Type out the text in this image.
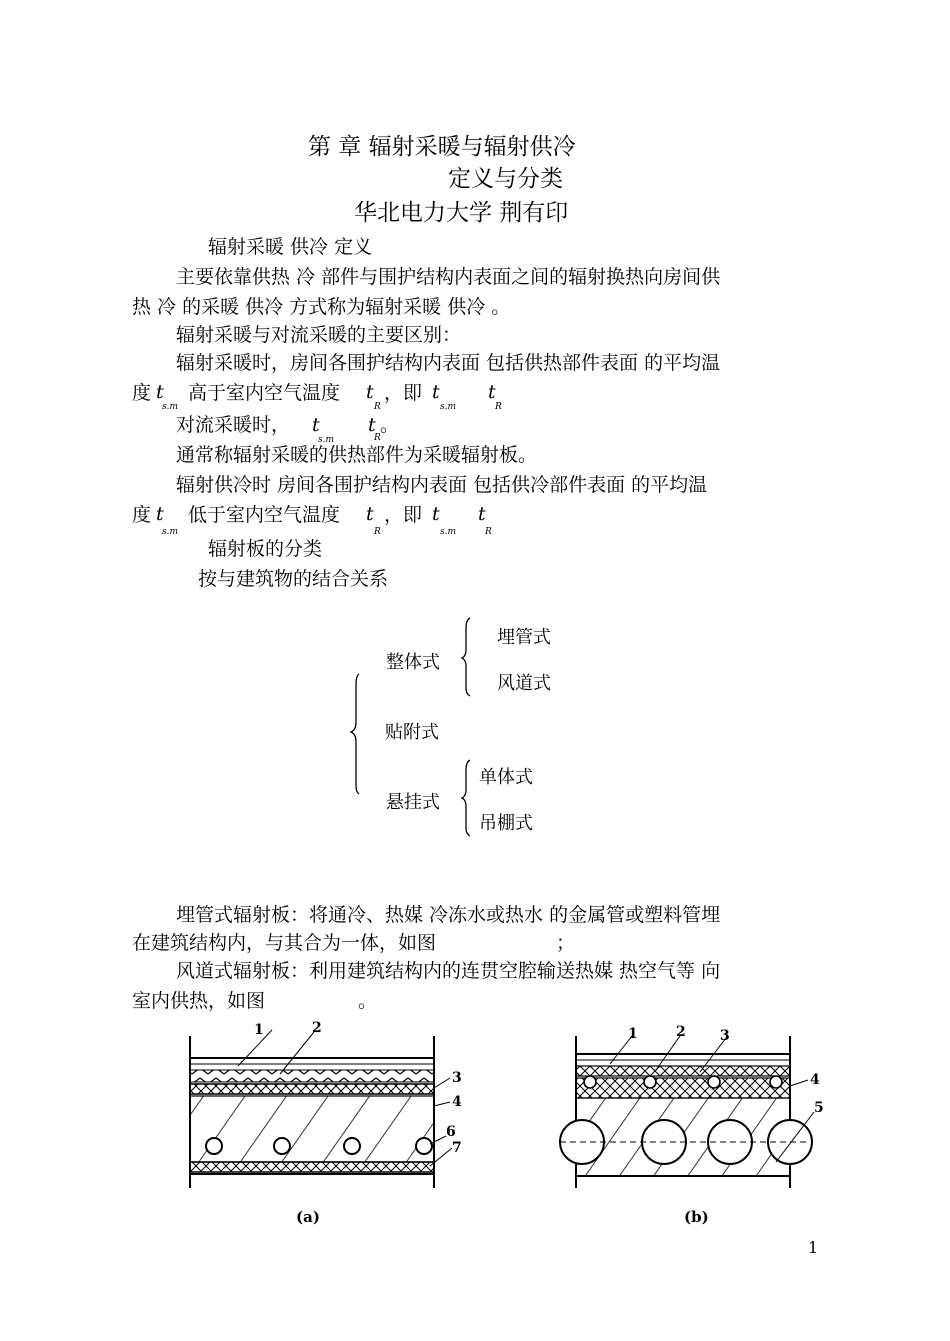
第 章 辐射采暖与辐射供冷
定义与分类
华北电力大学 荆有印
辐射采暖 供冷 定义
主要依靠供热 冷 部件与围护结构内表面之间的辐射换热向房间供
热 冷 的采暖 供冷 方式称为辐射采暖 供冷 。
辐射采暖与对流采暖的主要区别：
辐射采暖时，房间各围护结构内表面 包括供热部件表面 的平均温
度 t
s.m
高于室内空气温度 t
R
，即 t
s.m
t
R
对流采暖时， t
s.m
t
R
。
通常称辐射采暖的供热部件为采暖辐射板。
辐射供冷时 房间各围护结构内表面 包括供冷部件表面 的平均温
度 t
s.m
低于室内空气温度 t
R
，即 t
s.m
t
R
辐射板的分类
按与建筑物的结合关系
整体式
埋管式
风道式
贴附式
悬挂式
单体式
吊棚式
埋管式辐射板：将通冷、热媒 冷冻水或热水 的金属管或塑料管埋
在建筑结构内，与其合为一体，如图	；
风道式辐射板：利用建筑结构内的连贯空腔输送热媒 热空气等 向
室内供热，如图	。
1	2
3
4
6
7
(a)
1	2 3
4
5
(b)
1
